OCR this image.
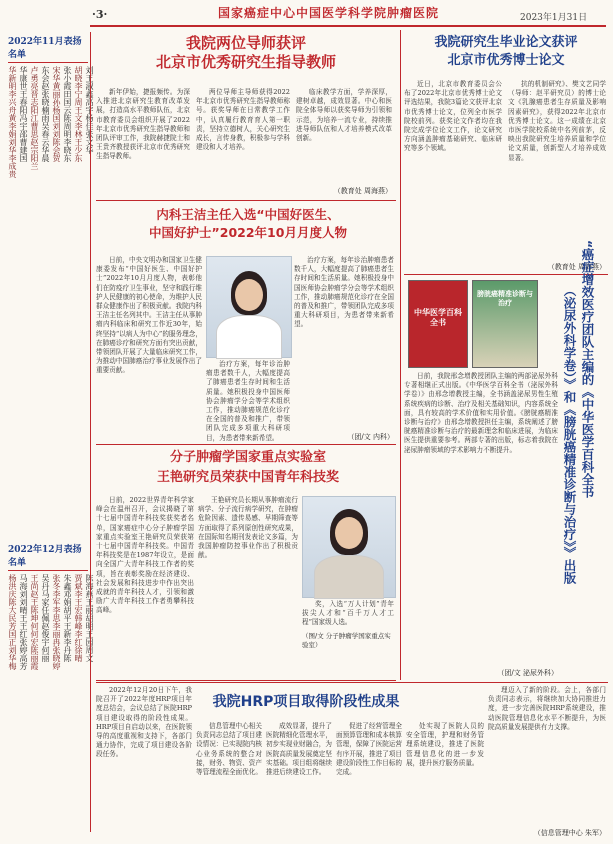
·3·	国家癌症中心中国医学科学院肿瘤医院	2023年1月31日
2022年11月表扬名单
华新明李兴舟黄李娟刘华李成贵 华康世王春阳冯宇邵曹建国 卢勇亮晋志阳江曹思赵宗阳兰 东会赵张晓楠雨吴春云华晨 宋华黄丽孙杨国刘刘陈会贺 张小霞田国云陈周明李晓东 胡晓李宁周王文李林王少东
2022年12月表扬名单
杨洪庆陈大民芳国正刘华梅 马海刘刘晴王王红张婷高芳 王尚赵王陈坤何何宏陈丽霞 吴丹马家任佩赵俊宇何丽 张冬李军李思李丽冉张晓婷 朱鑫邓娟胡平王新李丹陈 贾斌李王宏韩峰李红徐晴
我院两位导师获评
北京市优秀研究生指导教师

新年伊始，捷报频传。为深入推进北京研究生教育改革发展，打造高水平教师队伍，北京市教育委员会组织开展了2022年北京市优秀研究生指导教师和团队评审工作，我院赫捷院士和王贵齐教授获评北京市优秀研究生指导教师。

两位导师主导师获得2022年北京市优秀研究生指导教师称号。获奖导师在日常教学工作中，认真履行教育育人第一职责，坚持立德树人，关心研究生成长，言传身教，积极参与学科建设和人才培养。

临床教学方面，学养深厚，建树卓越，成效显著。中心和医院全体导师以获奖导师为引领和示范，为培养一流专业，持续推进导师队伍和人才培养模式改革创新。

（教育处 周海燕）
内科王洁主任入选“中国好医生、
中国好护士”2022年10月月度人物

日前，中央文明办和国家卫生健康委发布“中国好医生、中国好护士”2022年10月月度人物，表彰他们在防疫疗卫生事业，坚守和践行维护人民健康的初心使命，为维护人民群众健康作出了积极贡献。我院内科王洁主任名列其中。王洁主任从事肿瘤内科临床和研究工作近30年，始终坚持“以病人为中心”的服务理念，在肺癌诊疗和研究方面有突出贡献，带领团队开展了大量临床研究工作，为推动中国肺癌治疗事业发展作出了重要贡献。

治疗方案，每年诊治肿瘤患者数千人，大幅度提高了肺癌患者生存时间和生活质量。她积极投身中国医师协会肿瘤学分会等学术组织工作，推动肺癌规范化诊疗在全国的普及和推广，带领团队完成多项重大科研项目，为患者带来新希望。

治疗方案，每年诊治肿瘤患者数千人，大幅度提高了肺癌患者生存时间和生活质量。她积极投身中国医师协会肿瘤学分会等学术组织工作，推动肺癌规范化诊疗在全国的普及和推广，带领团队完成多项重大科研项目，为患者带来新希望。

（团/文 内科）
分子肿瘤学国家重点实验室
王艳研究员荣获中国青年科技奖

日前，2022世界青年科学家峰会在温州召开，会议揭晓了第十七届中国青年科技奖获奖者名单，国家癌症中心分子肿瘤学国家重点实验室王艳研究员荣获第十七届中国青年科技奖。中国青年科技奖是在1987年设立，是面向全国广大青年科技工作者的奖项，旨在表彰奖励在经济建设、社会发展和科技进步中作出突出成就的青年科技人才，引领和激励广大青年科技工作者勇攀科技高峰。

王艳研究员长期从事肿瘤流行病学、分子流行病学研究，在肿瘤危险因素、遗传易感、早期筛查等方面取得了系列原创性研究成果，在国际知名期刊发表论文多篇，为我国肿瘤防控事业作出了积极贡献。

奖，入选“万人计划”青年拔尖人才和“百千万人才工程”国家级人选。

（图/文 分子肿瘤学国家重点实验室）
我院研究生毕业论文获评
北京市优秀博士论文

近日，北京市教育委员会公布了2022年北京市优秀博士论文评选结果，我院3篇论文获评北京市优秀博士论文，位列全市医学院校前列。获奖论文作者均在我院完成学位论文工作，论文研究方向涵盖肿瘤基础研究、临床研究等多个领域。

抗的机制研究》、樊文艺同学（导师：赵平研究员）的博士论文《乳腺癌患者生存质量及影响因素研究》，获得2022年北京市优秀博士论文。这一成绩在北京市医学院校系统中名列前茅，反映出我院研究生培养质量和学位论文质量，创新型人才培养成效显著。

（教育处 周海燕）
中华医学百科全书
膀胱癌精准诊断与治疗	“癌症增效医疗团队主编的《中华医学百科全书
（泌尿外科学卷）》和《膀胱癌精准诊断与治疗》》出版

日前，我院邢念增教授团队主编的两部泌尿外科专著相继正式出版。《中华医学百科全书（泌尿外科学卷）》由邢念增教授主编，全书涵盖泌尿男性生殖系统疾病的诊断、治疗及相关基础知识，内容系统全面，具有较高的学术价值和实用价值。《膀胱癌精准诊断与治疗》由邢念增教授担任主编，系统阐述了膀胱癌精准诊断与治疗的最新理念和临床进展，为临床医生提供重要参考。两部专著的出版，标志着我院在泌尿肿瘤领域的学术影响力不断提升。

（团/文 泌尿外科）

2022年12月20日下午，我院召开了2022年度HRP项目年度总结会，会议总结了医院HRP项目建设取得的阶段性成果。HRP项目自启动以来，在医院领导的高度重视和支持下，各部门通力协作，完成了项目建设各阶段任务。

我院HRP项目取得阶段性成果

信息管理中心相关负责同志总结了项目建设情况：已实现院内核心业务系统的整合对接，财务、物资、资产等管理流程全面优化。

成效显著，提升了医院精细化管理水平，初步实现业财融合，为医院高质量发展奠定坚实基础。项目组将继续推进后续建设工作。

促进了经营管理全面预算管理和成本核算管理，保障了医院运营有序开展，推进了项目建设阶段性工作目标的完成。

处实现了医院人员的安全管理，护理和财务管理系统建设，推进了医院管理信息化的进一步发展，提升医疗服务质量。

理迈入了新的阶段。会上，各部门负责同志表示，将继续加大协同推进力度，进一步完善医院HRP系统建设，推动医院管理信息化水平不断提升，为医院高质量发展提供有力支撑。

（信息管理中心 朱军）
